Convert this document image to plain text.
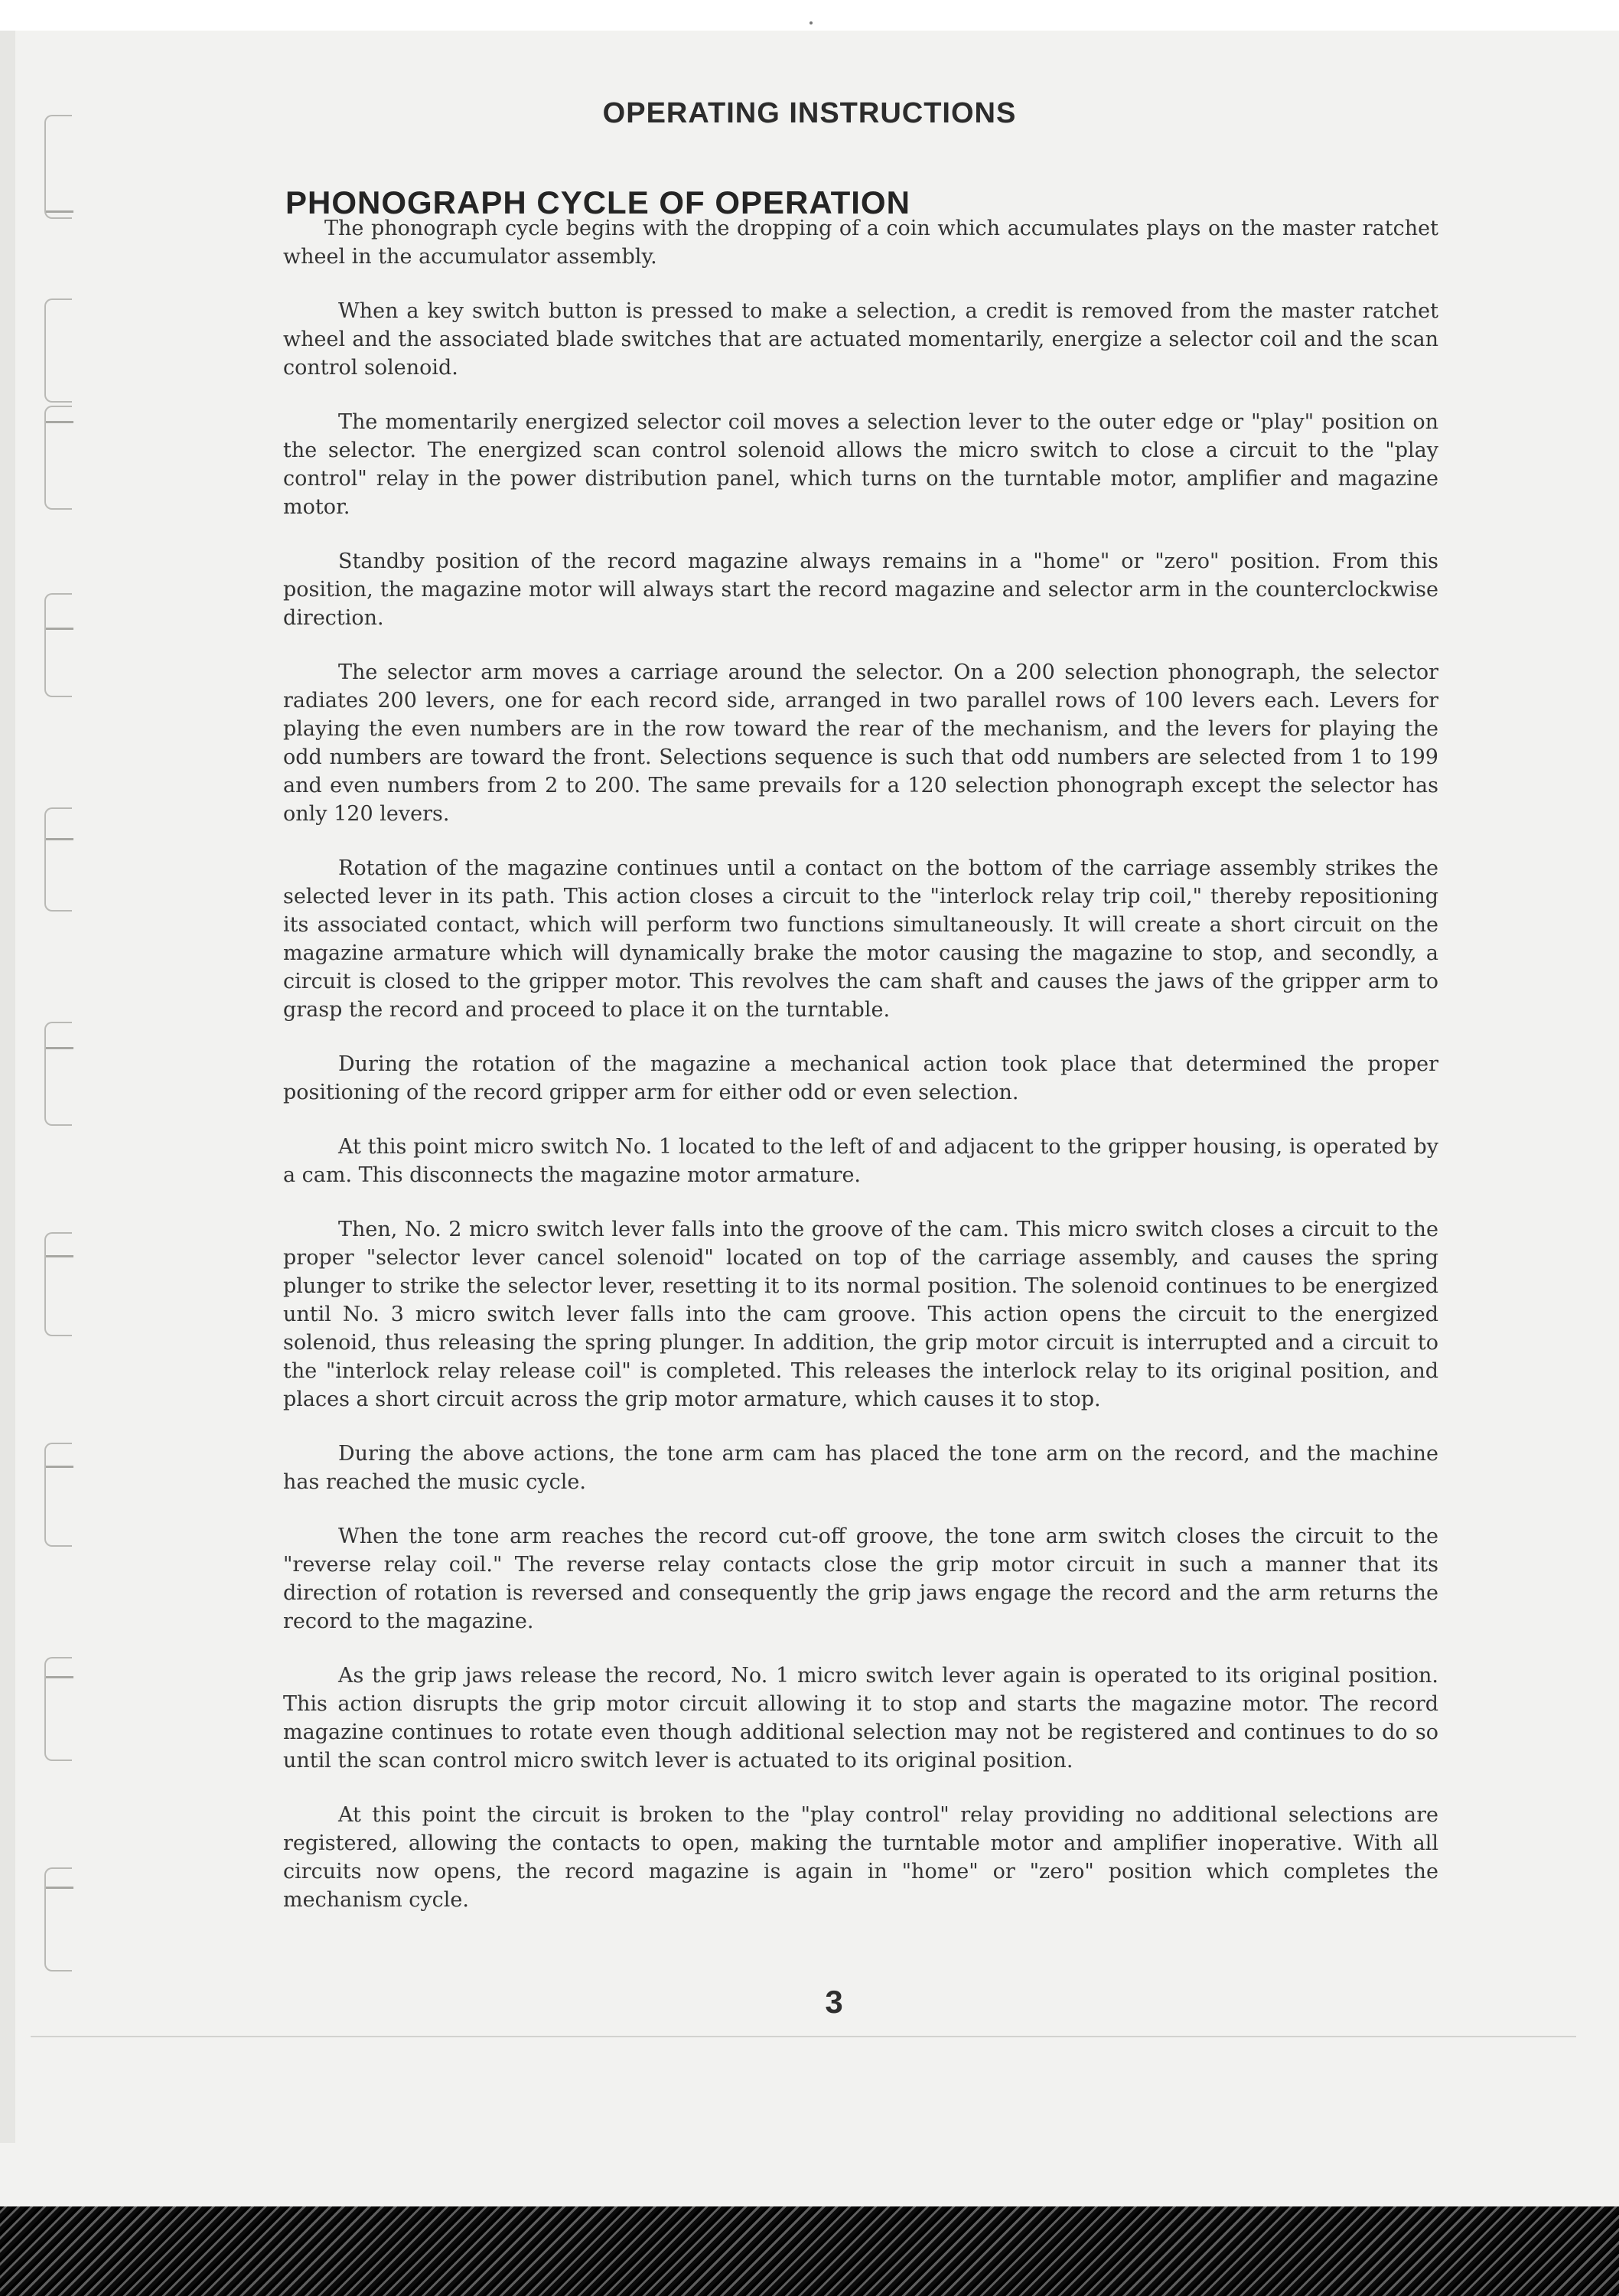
OPERATING INSTRUCTIONS
PHONOGRAPH CYCLE OF OPERATION

The phonograph cycle begins with the dropping of a coin which accumulates plays on the master ratchet wheel in the accumulator assembly.

When a key switch button is pressed to make a selection, a credit is removed from the master ratchet wheel and the associated blade switches that are actuated momentarily, energize a selector coil and the scan control solenoid.

The momentarily energized selector coil moves a selection lever to the outer edge or "play" position on the selector. The energized scan control solenoid allows the micro switch to close a circuit to the "play control" relay in the power distribution panel, which turns on the turntable motor, amplifier and magazine motor.

Standby position of the record magazine always remains in a "home" or "zero" position. From this position, the magazine motor will always start the record magazine and selector arm in the counterclockwise direction.

The selector arm moves a carriage around the selector. On a 200 selection phonograph, the selector radiates 200 levers, one for each record side, arranged in two parallel rows of 100 levers each. Levers for playing the even numbers are in the row toward the rear of the mechanism, and the levers for playing the odd numbers are toward the front. Selections sequence is such that odd numbers are selected from 1 to 199 and even numbers from 2 to 200. The same prevails for a 120 selection phonograph except the selector has only 120 levers.

Rotation of the magazine continues until a contact on the bottom of the carriage assembly strikes the selected lever in its path. This action closes a circuit to the "interlock relay trip coil," thereby repositioning its associated contact, which will perform two functions simultaneously. It will create a short circuit on the magazine armature which will dynamically brake the motor causing the magazine to stop, and secondly, a circuit is closed to the gripper motor. This revolves the cam shaft and causes the jaws of the gripper arm to grasp the record and proceed to place it on the turntable.

During the rotation of the magazine a mechanical action took place that determined the proper positioning of the record gripper arm for either odd or even selection.

At this point micro switch No. 1 located to the left of and adjacent to the gripper housing, is operated by a cam. This disconnects the magazine motor armature.

Then, No. 2 micro switch lever falls into the groove of the cam. This micro switch closes a circuit to the proper "selector lever cancel solenoid" located on top of the carriage assembly, and causes the spring plunger to strike the selector lever, resetting it to its normal position. The solenoid continues to be energized until No. 3 micro switch lever falls into the cam groove. This action opens the circuit to the energized solenoid, thus releasing the spring plunger. In addition, the grip motor circuit is interrupted and a circuit to the "interlock relay release coil" is completed. This releases the interlock relay to its original position, and places a short circuit across the grip motor armature, which causes it to stop.

During the above actions, the tone arm cam has placed the tone arm on the record, and the machine has reached the music cycle.

When the tone arm reaches the record cut-off groove, the tone arm switch closes the circuit to the "reverse relay coil." The reverse relay contacts close the grip motor circuit in such a manner that its direction of rotation is reversed and consequently the grip jaws engage the record and the arm returns the record to the magazine.

As the grip jaws release the record, No. 1 micro switch lever again is operated to its original position. This action disrupts the grip motor circuit allowing it to stop and starts the magazine motor. The record magazine continues to rotate even though additional selection may not be registered and continues to do so until the scan control micro switch lever is actuated to its original position.

At this point the circuit is broken to the "play control" relay providing no additional selections are registered, allowing the contacts to open, making the turntable motor and amplifier inoperative. With all circuits now opens, the record magazine is again in "home" or "zero" position which completes the mechanism cycle.

3
